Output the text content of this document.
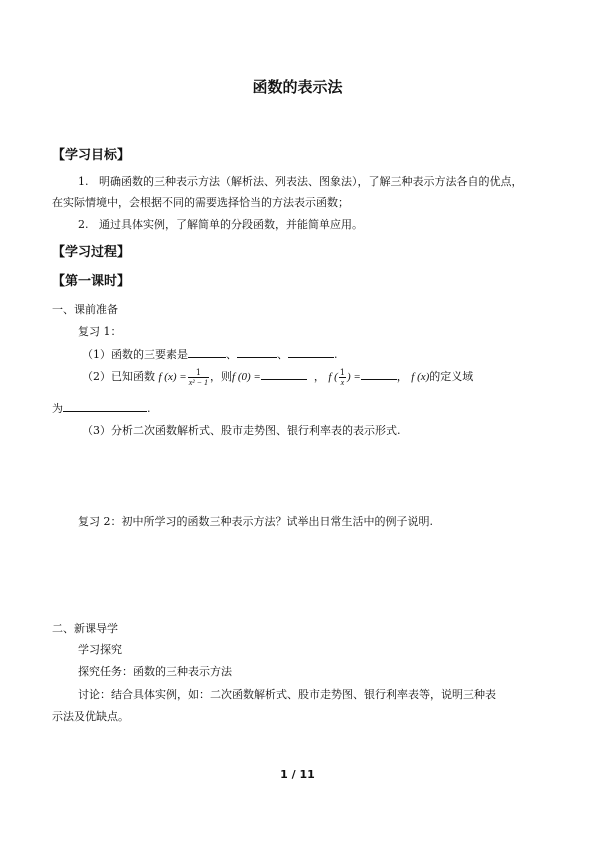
函数的表示法
【学习目标】
1. 明确函数的三种表示方法（解析法、列表法、图象法），了解三种表示方法各自的优点，
在实际情境中，会根据不同的需要选择恰当的方法表示函数；
2. 通过具体实例，了解简单的分段函数，并能简单应用。
【学习过程】
【第一课时】
一、课前准备
复习 1：
（1）函数的三要素是	、	、	.
（2）已知函数 f $(x) = \frac{1}{\text{x² − 1}}$ ，则f (0) =	， f ( $\frac{1}{x}$ ) =	， f (x)的定义域
为	.
（3）分析二次函数解析式、股市走势图、银行利率表的表示形式.
复习 2：初中所学习的函数三种表示方法？试举出日常生活中的例子说明.
二、新课导学
学习探究
探究任务：函数的三种表示方法
讨论：结合具体实例，如：二次函数解析式、股市走势图、银行利率表等，说明三种表
示法及优缺点。
1 / 11
